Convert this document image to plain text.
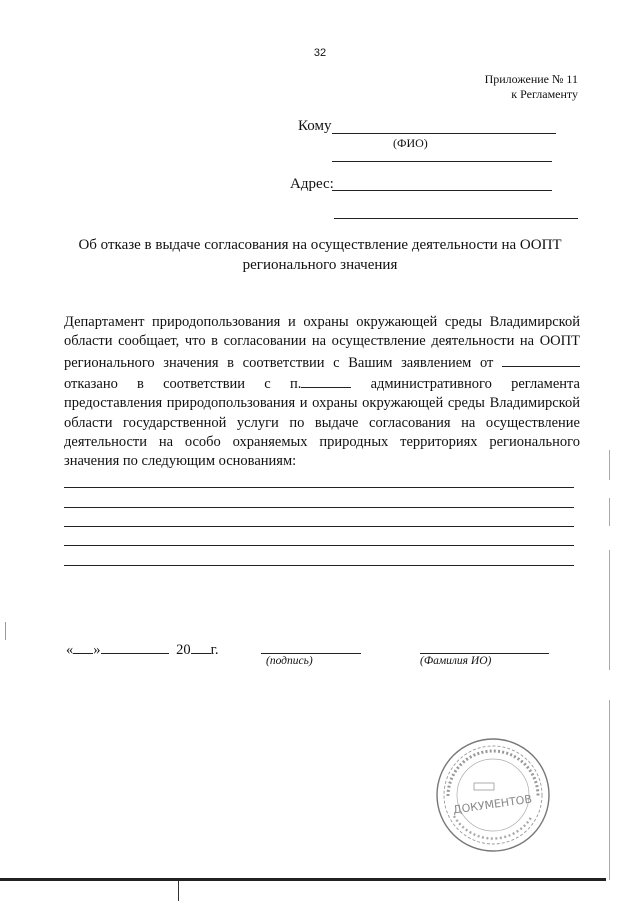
32
Приложение № 11
к Регламенту
Кому
(ФИО)
Адрес:
Об отказе в выдаче согласования на осуществление деятельности на ООПТ
регионального значения

Департамент природопользования и охраны окружающей среды Владимирской

области сообщает, что в согласовании на осуществление деятельности на ООПТ

регионального значения в соответствии с Вашим заявлением от

отказано в соответствии с п.	административного регламента

предоставления природопользования и охраны окружающей среды Владимирской

области государственной услуги по выдаче согласования на осуществление

деятельности на особо охраняемых природных территориях регионального

значения по следующим основаниям:

« »	20 г.
(подпись)	(Фамилия ИО)
ДОКУМЕНТОВ
